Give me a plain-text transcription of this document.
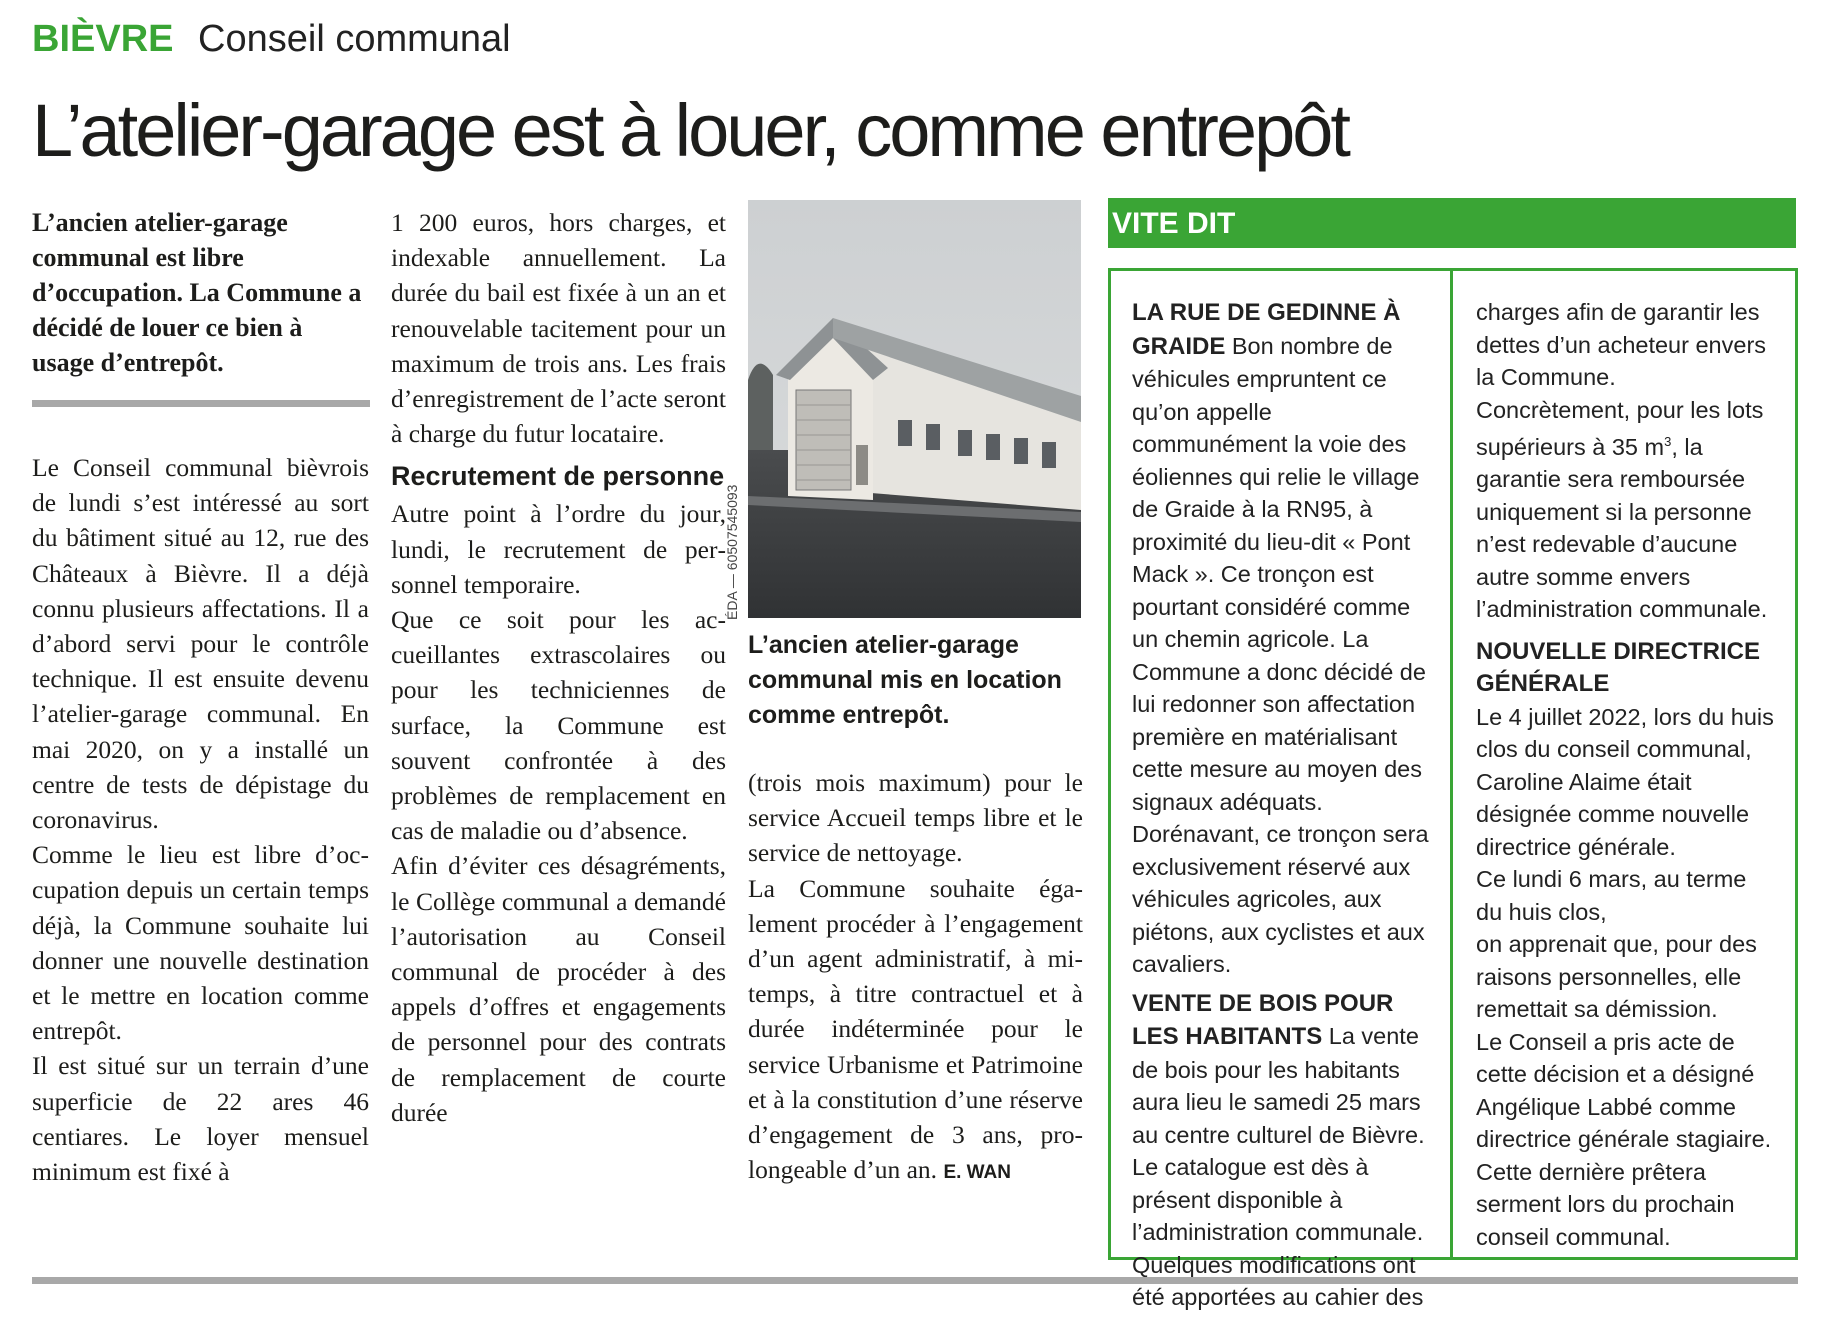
BIÈVRE Conseil communal
L’atelier-garage est à louer, comme entrepôt
L’ancien atelier-garage communal est libre d’occupation. La Commune a décidé de louer ce bien à usage d’entrepôt.

Le Conseil communal bièvrois de lundi s’est intéressé au sort du bâtiment situé au 12, rue des Châteaux à Bièvre. Il a déjà connu plusieurs affectations. Il a d’abord servi pour le contrôle technique. Il est ensuite devenu l’atelier-garage communal. En mai 2020, on y a installé un centre de tests de dépistage du coronavirus.

Comme le lieu est libre d’occupation depuis un certain temps déjà, la Commune souhaite lui donner une nouvelle destination et le mettre en location comme entrepôt.

Il est situé sur un terrain d’une superficie de 22 ares 46 centiares. Le loyer mensuel minimum est fixé à

1 200 euros, hors charges, et indexable annuellement. La durée du bail est fixée à un an et renouvelable tacitement pour un maximum de trois ans. Les frais d’enregistrement de l’acte seront à charge du futur locataire.

Recrutement de personne

Autre point à l’ordre du jour, lundi, le recrutement de personnel temporaire.

Que ce soit pour les accueillantes extrascolaires ou pour les techniciennes de surface, la Commune est souvent confrontée à des problèmes de remplacement en cas de maladie ou d’absence.

Afin d’éviter ces désagréments, le Collège communal a demandé l’autorisation au Conseil communal de procéder à des appels d’offres et engagements de personnel pour des contrats de remplacement de courte durée

ÉDA — 60507545093
L’ancien atelier-garage communal mis en location comme entrepôt.

(trois mois maximum) pour le service Accueil temps libre et le service de nettoyage.

La Commune souhaite également procéder à l’engagement d’un agent administratif, à mi-temps, à titre contractuel et à durée indéterminée pour le service Urbanisme et Patrimoine et à la constitution d’une réserve d’engagement de 3 ans, prolongeable d’un an. E. WAN

VITE DIT

LA RUE DE GEDINNE À GRAIDE Bon nombre de véhicules empruntent ce qu’on appelle communément la voie des éoliennes qui relie le village de Graide à la RN95, à proximité du lieu-dit « Pont Mack ». Ce tronçon est pourtant considéré comme un chemin agricole. La Commune a donc décidé de lui redonner son affectation première en matérialisant cette mesure au moyen des signaux adéquats. Dorénavant, ce tronçon sera exclusivement réservé aux véhicules agricoles, aux piétons, aux cyclistes et aux cavaliers.

VENTE DE BOIS POUR LES HABITANTS La vente de bois pour les habitants aura lieu le samedi 25 mars au centre culturel de Bièvre. Le catalogue est dès à présent disponible à l’administration communale. Quelques modifications ont été apportées au cahier des

charges afin de garantir les dettes d’un acheteur envers la Commune. Concrètement, pour les lots supérieurs à 35 $m^3$, la garantie sera remboursée uniquement si la personne n’est redevable d’aucune autre somme envers l’administration communale.

NOUVELLE DIRECTRICE GÉNÉRALE

Le 4 juillet 2022, lors du huis clos du conseil communal, Caroline Alaime était désignée comme nouvelle directrice générale.

Ce lundi 6 mars, au terme du huis clos,

on apprenait que, pour des raisons personnelles, elle remettait sa démission.

Le Conseil a pris acte de cette décision et a désigné Angélique Labbé comme directrice générale stagiaire.

Cette dernière prêtera serment lors du prochain conseil communal.
